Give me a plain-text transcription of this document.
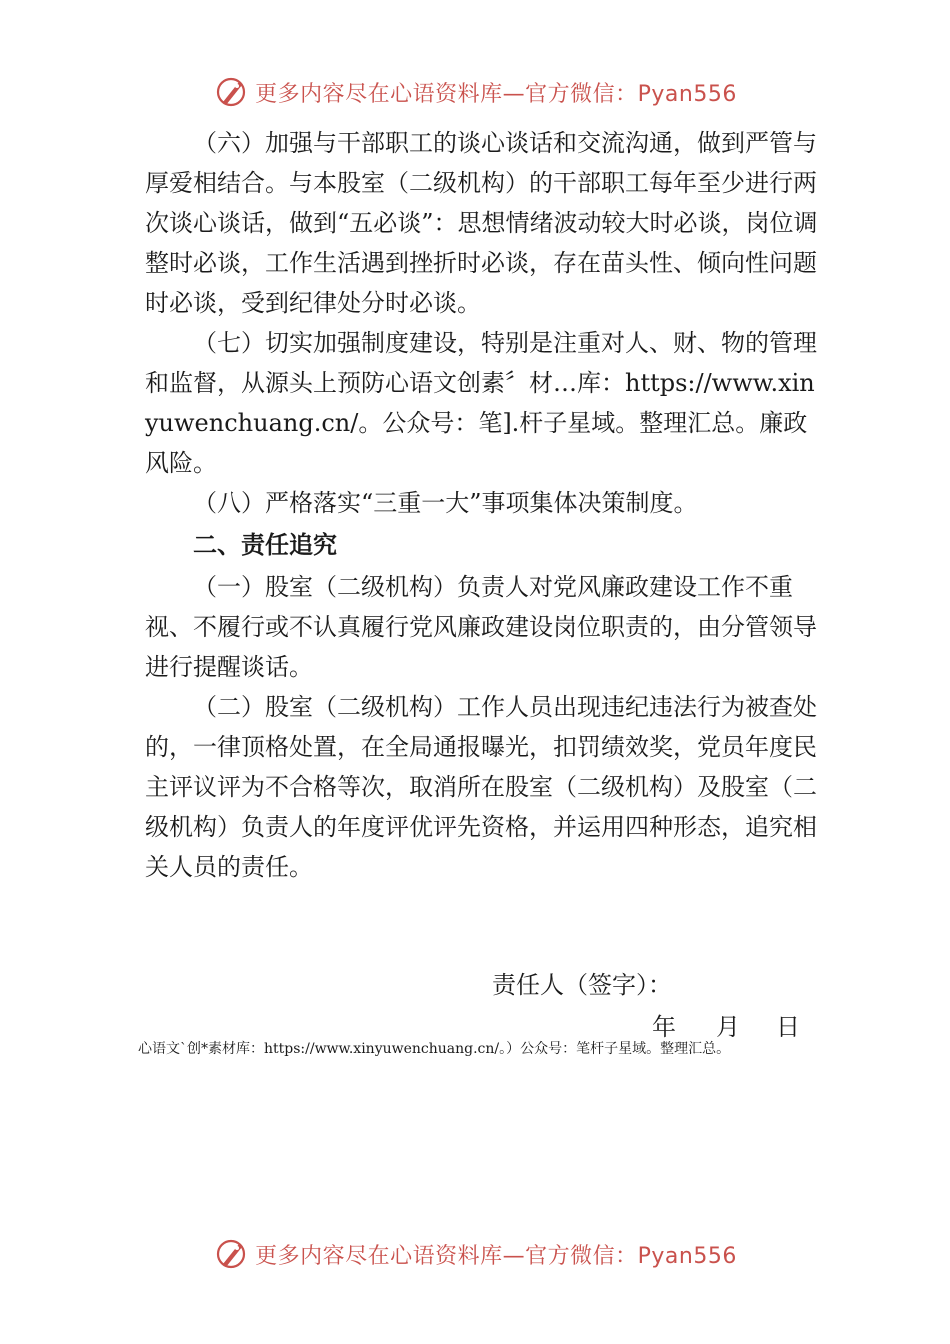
更多内容尽在心语资料库—官方微信：Pyan556

（六）加强与干部职工的谈心谈话和交流沟通，做到严管与厚爱相结合。与本股室（二级机构）的干部职工每年至少进行两次谈心谈话，做到“五必谈”：思想情绪波动较大时必谈，岗位调整时必谈，工作生活遇到挫折时必谈，存在苗头性、倾向性问题时必谈，受到纪律处分时必谈。

（七）切实加强制度建设，特别是注重对人、财、物的管理和监督，从源头上预防心语文创素〞材…库：https://www.xinyuwenchuang.cn/。公众号：笔].杆子星域。整理汇总。廉政风险。

（八）严格落实“三重一大”事项集体决策制度。

二、责任追究

（一）股室（二级机构）负责人对党风廉政建设工作不重视、不履行或不认真履行党风廉政建设岗位职责的，由分管领导进行提醒谈话。

（二）股室（二级机构）工作人员出现违纪违法行为被查处的，一律顶格处置，在全局通报曝光，扣罚绩效奖，党员年度民主评议评为不合格等次，取消所在股室（二级机构）及股室（二级机构）负责人的年度评优评先资格，并运用四种形态，追究相关人员的责任。

责任人（签字）：
年 月 日
心语文`创*素材库：https://www.xinyuwenchuang.cn/。）公众号：笔杆子星域。整理汇总。
更多内容尽在心语资料库—官方微信：Pyan556
